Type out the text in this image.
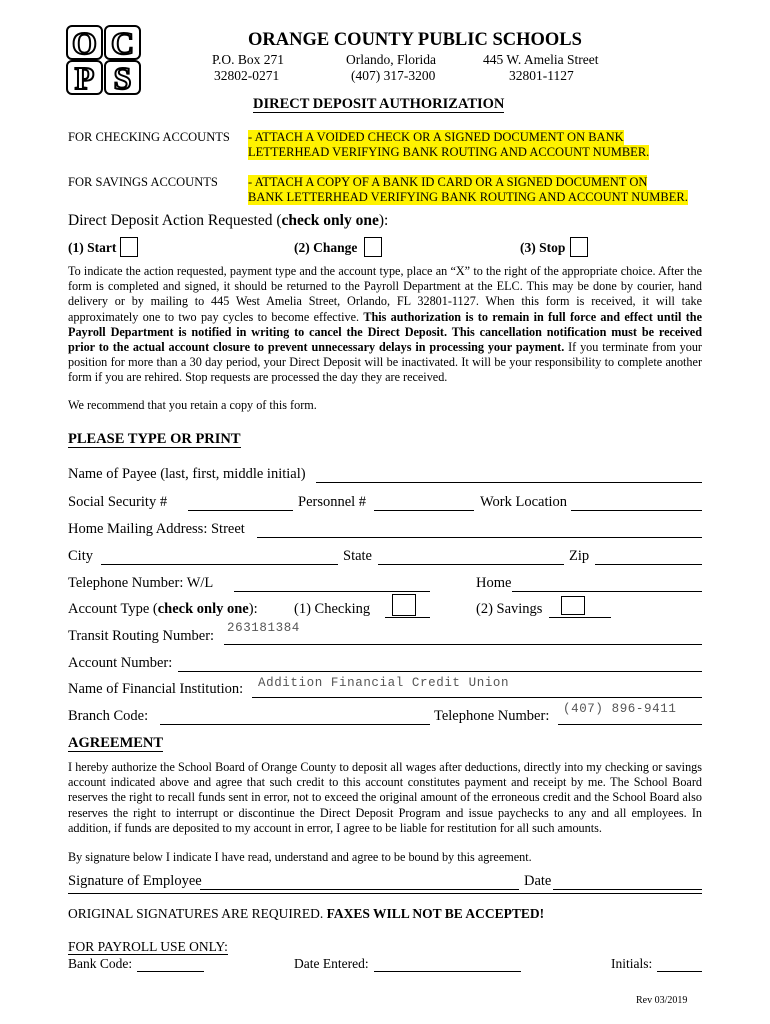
O C
P S
ORANGE COUNTY PUBLIC SCHOOLS
P.O. Box 271
32802-0271
Orlando, Florida
(407) 317-3200
445 W. Amelia Street
32801-1127
DIRECT DEPOSIT AUTHORIZATION
FOR CHECKING ACCOUNTS - ATTACH A VOIDED CHECK OR A SIGNED DOCUMENT ON BANK
LETTERHEAD VERIFYING BANK ROUTING AND ACCOUNT NUMBER.
FOR SAVINGS ACCOUNTS - ATTACH A COPY OF A BANK ID CARD OR A SIGNED DOCUMENT ON
BANK LETTERHEAD VERIFYING BANK ROUTING AND ACCOUNT NUMBER.
Direct Deposit Action Requested (check only one):
(1) Start	(2) Change	(3) Stop
To indicate the action requested, payment type and the account type, place an “X” to the right of the appropriate choice. After the form is completed and signed, it should be returned to the Payroll Department at the ELC. This may be done by courier, hand delivery or by mailing to 445 West Amelia Street, Orlando, FL 32801-1127. When this form is received, it will take approximately one to two pay cycles to become effective. This authorization is to remain in full force and effect until the Payroll Department is notified in writing to cancel the Direct Deposit. This cancellation notification must be received prior to the actual account closure to prevent unnecessary delays in processing your payment. If you terminate from your position for more than a 30 day period, your Direct Deposit will be inactivated. It will be your responsibility to complete another form if you are rehired. Stop requests are processed the day they are received.
We recommend that you retain a copy of this form.
PLEASE TYPE OR PRINT
Name of Payee (last, first, middle initial)
Social Security #	Personnel #	Work Location
Home Mailing Address: Street
City	State	Zip
Telephone Number: W/L	Home
Account Type (check only one):	(1) Checking	(2) Savings
Transit Routing Number: 263181384
Account Number:
Name of Financial Institution: Addition Financial Credit Union
Branch Code:	Telephone Number: (407) 896-9411
AGREEMENT
I hereby authorize the School Board of Orange County to deposit all wages after deductions, directly into my checking or savings account indicated above and agree that such credit to this account constitutes payment and receipt by me. The School Board reserves the right to recall funds sent in error, not to exceed the original amount of the erroneous credit and the School Board also reserves the right to interrupt or discontinue the Direct Deposit Program and issue paychecks to any and all employees. In addition, if funds are deposited to my account in error, I agree to be liable for restitution for all such amounts.
By signature below I indicate I have read, understand and agree to be bound by this agreement.
Signature of Employee	Date
ORIGINAL SIGNATURES ARE REQUIRED. FAXES WILL NOT BE ACCEPTED!
FOR PAYROLL USE ONLY:
Bank Code:	Date Entered:	Initials:
Rev 03/2019
